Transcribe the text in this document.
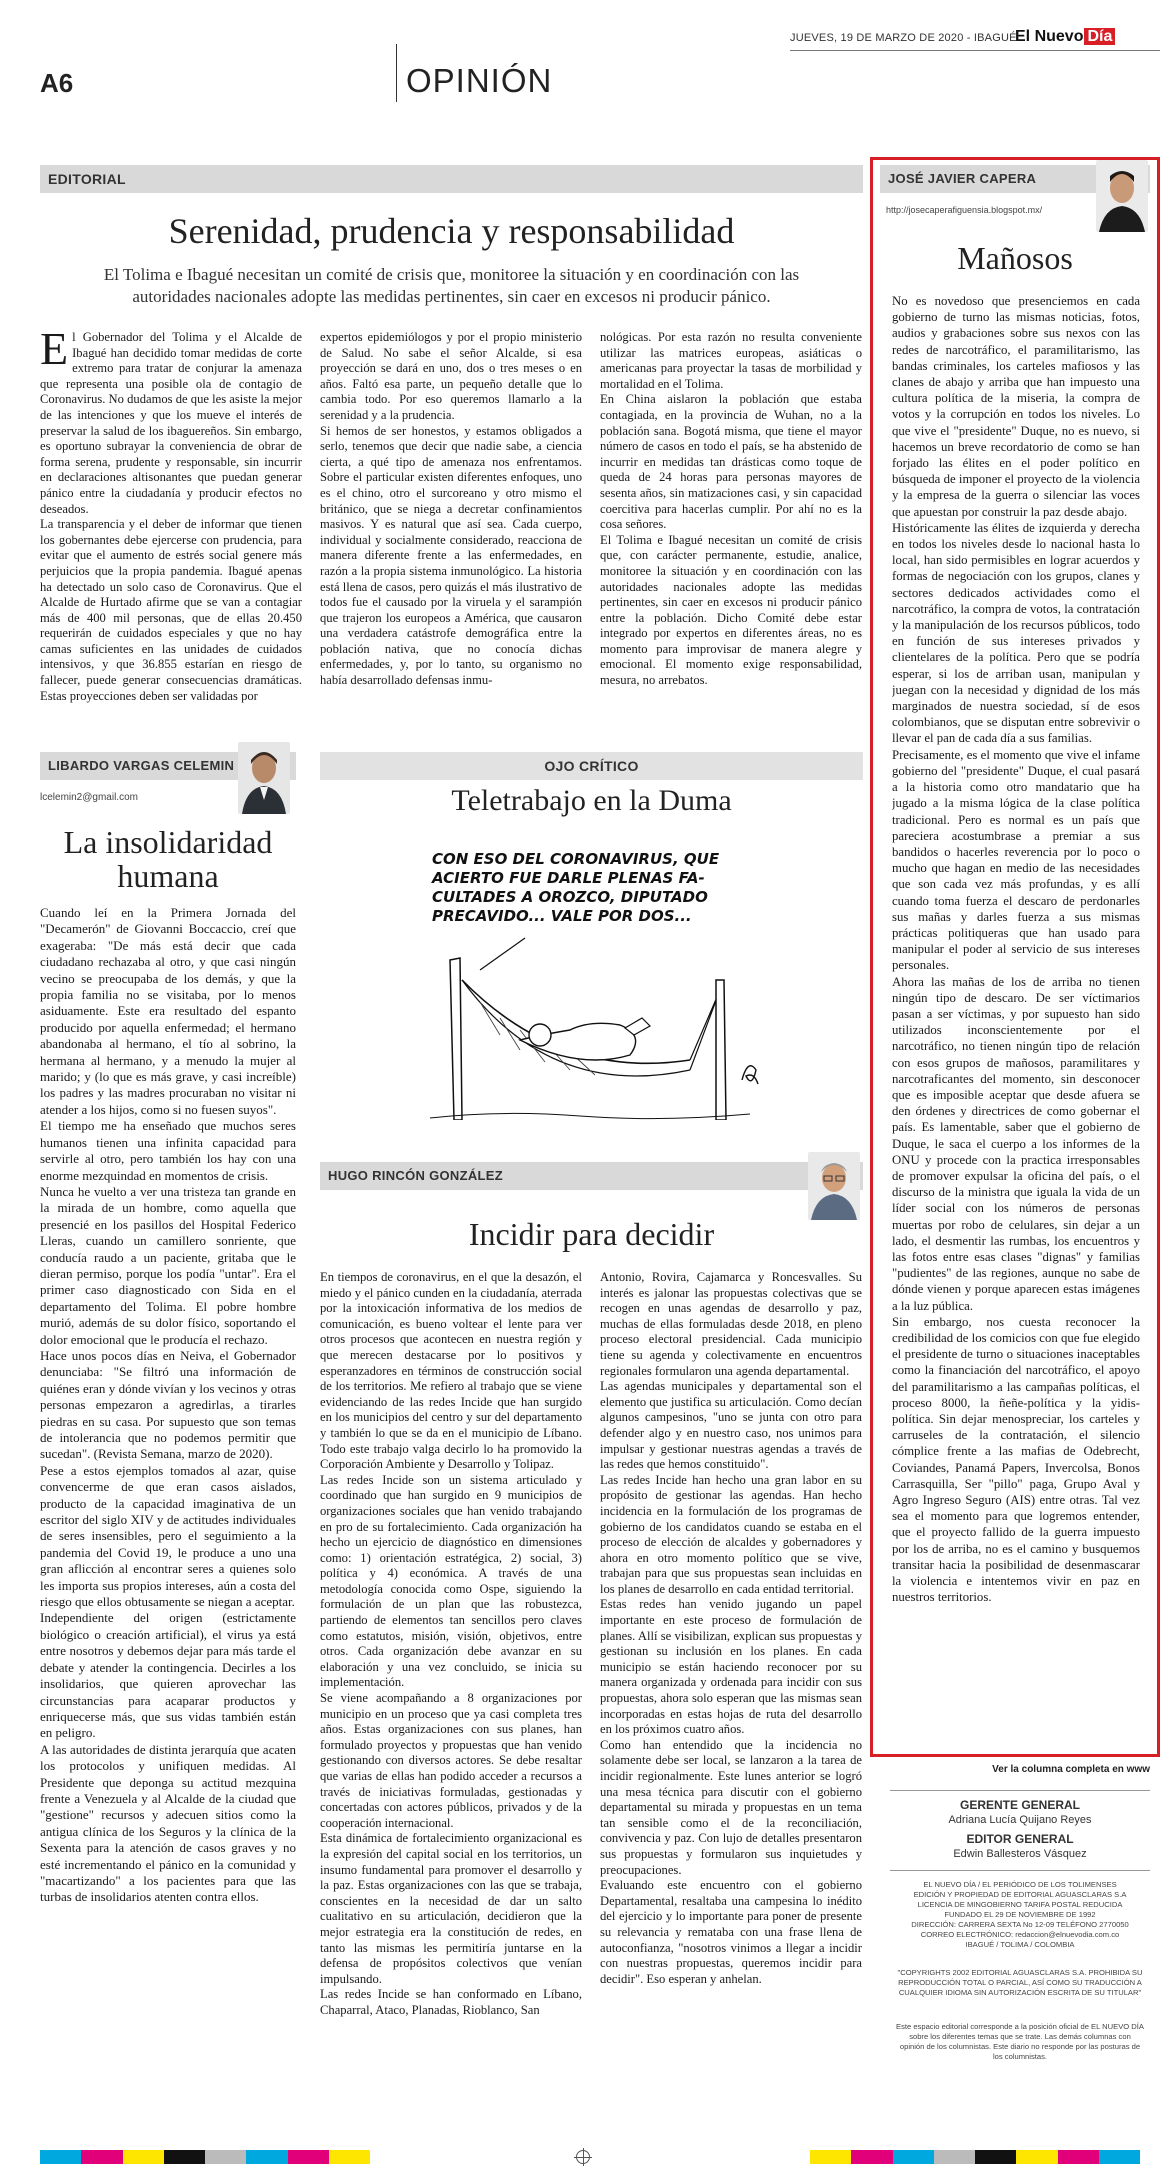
JUEVES, 19 DE MARZO DE 2020 - IBAGUÉ
El Nuevo Día
A6	OPINIÓN
EDITORIAL
Serenidad, prudencia y responsabilidad
El Tolima e Ibagué necesitan un comité de crisis que, monitoree la situación y en coordinación con las autoridades nacionales adopte las medidas pertinentes, sin caer en excesos ni producir pánico.
E l Gobernador del Tolima y el Alcalde de Ibagué han decidido tomar medidas de corte extremo para tratar de conjurar la amenaza que representa una posible ola de contagio de Coronavirus. No dudamos de que les asiste la mejor de las intenciones y que los mueve el interés de preservar la salud de los ibaguereños. Sin embargo, es oportuno subrayar la conveniencia de obrar de forma serena, prudente y responsable, sin incurrir en declaraciones altisonantes que puedan generar pánico entre la ciudadanía y producir efectos no deseados.
La transparencia y el deber de informar que tienen los gobernantes debe ejercerse con prudencia, para evitar que el aumento de estrés social genere más perjuicios que la propia pandemia. Ibagué apenas ha detectado un solo caso de Coronavirus. Que el Alcalde de Hurtado afirme que se van a contagiar más de 400 mil personas, que de ellas 20.450 requerirán de cuidados especiales y que no hay camas suficientes en las unidades de cuidados intensivos, y que 36.855 estarían en riesgo de fallecer, puede generar consecuencias dramáticas. Estas proyecciones deben ser validadas por
expertos epidemiólogos y por el propio ministerio de Salud. No sabe el señor Alcalde, si esa proyección se dará en uno, dos o tres meses o en años. Faltó esa parte, un pequeño detalle que lo cambia todo. Por eso queremos llamarlo a la serenidad y a la prudencia.
Si hemos de ser honestos, y estamos obligados a serlo, tenemos que decir que nadie sabe, a ciencia cierta, a qué tipo de amenaza nos enfrentamos. Sobre el particular existen diferentes enfoques, uno es el chino, otro el surcoreano y otro mismo el británico, que se niega a decretar confinamientos masivos. Y es natural que así sea. Cada cuerpo, individual y socialmente considerado, reacciona de manera diferente frente a las enfermedades, en razón a la propia sistema inmunológico. La historia está llena de casos, pero quizás el más ilustrativo de todos fue el causado por la viruela y el sarampión que trajeron los europeos a América, que causaron una verdadera catástrofe demográfica entre la población nativa, que no conocía dichas enfermedades, y, por lo tanto, su organismo no había desarrollado defensas inmu-
nológicas. Por esta razón no resulta conveniente utilizar las matrices europeas, asiáticas o americanas para proyectar la tasas de morbilidad y mortalidad en el Tolima.
En China aislaron la población que estaba contagiada, en la provincia de Wuhan, no a la población sana. Bogotá misma, que tiene el mayor número de casos en todo el país, se ha abstenido de incurrir en medidas tan drásticas como toque de queda de 24 horas para personas mayores de sesenta años, sin matizaciones casi, y sin capacidad coercitiva para hacerlas cumplir. Por ahí no es la cosa señores.
El Tolima e Ibagué necesitan un comité de crisis que, con carácter permanente, estudie, analice, monitoree la situación y en coordinación con las autoridades nacionales adopte las medidas pertinentes, sin caer en excesos ni producir pánico entre la población. Dicho Comité debe estar integrado por expertos en diferentes áreas, no es momento para improvisar de manera alegre y emocional. El momento exige responsabilidad, mesura, no arrebatos.
LIBARDO VARGAS CELEMIN
lcelemin2@gmail.com
La insolidaridad humana
Cuando leí en la Primera Jornada del "Decamerón" de Giovanni Boccaccio, creí que exageraba: "De más está decir que cada ciudadano rechazaba al otro, y que casi ningún vecino se preocupaba de los demás, y que la propia familia no se visitaba, por lo menos asiduamente. Este era resultado del espanto producido por aquella enfermedad; el hermano abandonaba al hermano, el tío al sobrino, la hermana al hermano, y a menudo la mujer al marido; y (lo que es más grave, y casi increíble) los padres y las madres procuraban no visitar ni atender a los hijos, como si no fuesen suyos".
El tiempo me ha enseñado que muchos seres humanos tienen una infinita capacidad para servirle al otro, pero también los hay con una enorme mezquindad en momentos de crisis.
Nunca he vuelto a ver una tristeza tan grande en la mirada de un hombre, como aquella que presencié en los pasillos del Hospital Federico Lleras, cuando un camillero sonriente, que conducía raudo a un paciente, gritaba que le dieran permiso, porque los podía "untar". Era el primer caso diagnosticado con Sida en el departamento del Tolima. El pobre hombre murió, además de su dolor físico, soportando el dolor emocional que le producía el rechazo.
Hace unos pocos días en Neiva, el Gobernador denunciaba: "Se filtró una información de quiénes eran y dónde vivían y los vecinos y otras personas empezaron a agredirlas, a tirarles piedras en su casa. Por supuesto que son temas de intolerancia que no podemos permitir que sucedan". (Revista Semana, marzo de 2020).
Pese a estos ejemplos tomados al azar, quise convencerme de que eran casos aislados, producto de la capacidad imaginativa de un escritor del siglo XIV y de actitudes individuales de seres insensibles, pero el seguimiento a la pandemia del Covid 19, le produce a uno una gran aflicción al encontrar seres a quienes solo les importa sus propios intereses, aún a costa del riesgo que ellos obtusamente se niegan a aceptar.
Independiente del origen (estrictamente biológico o creación artificial), el virus ya está entre nosotros y debemos dejar para más tarde el debate y atender la contingencia. Decirles a los insolidarios, que quieren aprovechar las circunstancias para acaparar productos y enriquecerse más, que sus vidas también están en peligro.
A las autoridades de distinta jerarquía que acaten los protocolos y unifiquen medidas. Al Presidente que deponga su actitud mezquina frente a Venezuela y al Alcalde de la ciudad que "gestione" recursos y adecuen sitios como la antigua clínica de los Seguros y la clínica de la Sexenta para la atención de casos graves y no esté incrementando el pánico en la comunidad y "macartizando" a los pacientes para que las turbas de insolidarios atenten contra ellos.
OJO CRÍTICO
Teletrabajo en la Duma
CON ESO DEL CORONAVIRUS, QUE ACIERTO FUE DARLE PLENAS FA- CULTADES A OROZCO, DIPUTADO PRECAVIDO... VALE POR DOS...
HUGO RINCÓN GONZÁLEZ
Incidir para decidir
En tiempos de coronavirus, en el que la desazón, el miedo y el pánico cunden en la ciudadanía, aterrada por la intoxicación informativa de los medios de comunicación, es bueno voltear el lente para ver otros procesos que acontecen en nuestra región y que merecen destacarse por lo positivos y esperanzadores en términos de construcción social de los territorios. Me refiero al trabajo que se viene evidenciando de las redes Incide que han surgido en los municipios del centro y sur del departamento y también lo que se da en el municipio de Líbano. Todo este trabajo valga decirlo lo ha promovido la Corporación Ambiente y Desarrollo y Tolipaz.
Las redes Incide son un sistema articulado y coordinado que han surgido en 9 municipios de organizaciones sociales que han venido trabajando en pro de su fortalecimiento. Cada organización ha hecho un ejercicio de diagnóstico en dimensiones como: 1) orientación estratégica, 2) social, 3) política y 4) económica. A través de una metodología conocida como Ospe, siguiendo la formulación de un plan que las robustezca, partiendo de elementos tan sencillos pero claves como estatutos, misión, visión, objetivos, entre otros. Cada organización debe avanzar en su elaboración y una vez concluido, se inicia su implementación.
Se viene acompañando a 8 organizaciones por municipio en un proceso que ya casi completa tres años. Estas organizaciones con sus planes, han formulado proyectos y propuestas que han venido gestionando con diversos actores. Se debe resaltar que varias de ellas han podido acceder a recursos a través de iniciativas formuladas, gestionadas y concertadas con actores públicos, privados y de la cooperación internacional.
Esta dinámica de fortalecimiento organizacional es la expresión del capital social en los territorios, un insumo fundamental para promover el desarrollo y la paz. Estas organizaciones con las que se trabaja, conscientes en la necesidad de dar un salto cualitativo en su articulación, decidieron que la mejor estrategia era la constitución de redes, en tanto las mismas les permitiría juntarse en la defensa de propósitos colectivos que venían impulsando.
Las redes Incide se han conformado en Líbano, Chaparral, Ataco, Planadas, Rioblanco, San
Antonio, Rovira, Cajamarca y Roncesvalles. Su interés es jalonar las propuestas colectivas que se recogen en unas agendas de desarrollo y paz, muchas de ellas formuladas desde 2018, en pleno proceso electoral presidencial. Cada municipio tiene su agenda y colectivamente en encuentros regionales formularon una agenda departamental.
Las agendas municipales y departamental son el elemento que justifica su articulación. Como decían algunos campesinos, "uno se junta con otro para defender algo y en nuestro caso, nos unimos para impulsar y gestionar nuestras agendas a través de las redes que hemos constituido".
Las redes Incide han hecho una gran labor en su propósito de gestionar las agendas. Han hecho incidencia en la formulación de los programas de gobierno de los candidatos cuando se estaba en el proceso de elección de alcaldes y gobernadores y ahora en otro momento político que se vive, trabajan para que sus propuestas sean incluidas en los planes de desarrollo en cada entidad territorial.
Estas redes han venido jugando un papel importante en este proceso de formulación de planes. Allí se visibilizan, explican sus propuestas y gestionan su inclusión en los planes. En cada municipio se están haciendo reconocer por su manera organizada y ordenada para incidir con sus propuestas, ahora solo esperan que las mismas sean incorporadas en estas hojas de ruta del desarrollo en los próximos cuatro años.
Como han entendido que la incidencia no solamente debe ser local, se lanzaron a la tarea de incidir regionalmente. Este lunes anterior se logró una mesa técnica para discutir con el gobierno departamental su mirada y propuestas en un tema tan sensible como el de la reconciliación, convivencia y paz. Con lujo de detalles presentaron sus propuestas y formularon sus inquietudes y preocupaciones.
Evaluando este encuentro con el gobierno Departamental, resaltaba una campesina lo inédito del ejercicio y lo importante para poner de presente su relevancia y remataba con una frase llena de autoconfianza, "nosotros vinimos a llegar a incidir con nuestras propuestas, queremos incidir para decidir". Eso esperan y anhelan.
JOSÉ JAVIER CAPERA
http://josecaperafiguensia.blogspot.mx/
Mañosos
No es novedoso que presenciemos en cada gobierno de turno las mismas noticias, fotos, audios y grabaciones sobre sus nexos con las redes de narcotráfico, el paramilitarismo, las bandas criminales, los carteles mafiosos y las clanes de abajo y arriba que han impuesto una cultura política de la miseria, la compra de votos y la corrupción en todos los niveles. Lo que vive el "presidente" Duque, no es nuevo, si hacemos un breve recordatorio de como se han forjado las élites en el poder político en búsqueda de imponer el proyecto de la violencia y la empresa de la guerra o silenciar las voces que apuestan por construir la paz desde abajo.
Históricamente las élites de izquierda y derecha en todos los niveles desde lo nacional hasta lo local, han sido permisibles en lograr acuerdos y formas de negociación con los grupos, clanes y sectores dedicados actividades como el narcotráfico, la compra de votos, la contratación y la manipulación de los recursos públicos, todo en función de sus intereses privados y clientelares de la política. Pero que se podría esperar, si los de arriban usan, manipulan y juegan con la necesidad y dignidad de los más marginados de nuestra sociedad, sí de esos colombianos, que se disputan entre sobrevivir o llevar el pan de cada día a sus familias.
Precisamente, es el momento que vive el infame gobierno del "presidente" Duque, el cual pasará a la historia como otro mandatario que ha jugado a la misma lógica de la clase política tradicional. Pero es normal es un país que pareciera acostumbrase a premiar a sus bandidos o hacerles reverencia por lo poco o mucho que hagan en medio de las necesidades que son cada vez más profundas, y es allí cuando toma fuerza el descaro de perdonarles sus mañas y darles fuerza a sus mismas prácticas politiqueras que han usado para manipular el poder al servicio de sus intereses personales.
Ahora las mañas de los de arriba no tienen ningún tipo de descaro. De ser víctimarios pasan a ser víctimas, y por supuesto han sido utilizados inconscientemente por el narcotráfico, no tienen ningún tipo de relación con esos grupos de mañosos, paramilitares y narcotraficantes del momento, sin desconocer que es imposible aceptar que desde afuera se den órdenes y directrices de como gobernar el país. Es lamentable, saber que el gobierno de Duque, le saca el cuerpo a los informes de la ONU y procede con la practica irresponsables de promover expulsar la oficina del país, o el discurso de la ministra que iguala la vida de un líder social con los números de personas muertas por robo de celulares, sin dejar a un lado, el desmentir las rumbas, los encuentros y las fotos entre esas clases "dignas" y familias "pudientes" de las regiones, aunque no sabe de dónde vienen y porque aparecen estas imágenes a la luz pública.
Sin embargo, nos cuesta reconocer la credibilidad de los comicios con que fue elegido el presidente de turno o situaciones inaceptables como la financiación del narcotráfico, el apoyo del paramilitarismo a las campañas políticas, el proceso 8000, la ñeñe-política y la yidis-política. Sin dejar menospreciar, los carteles y carruseles de la contratación, el silencio cómplice frente a las mafias de Odebrecht, Coviandes, Panamá Papers, Invercolsa, Bonos Carrasquilla, Ser "pillo" paga, Grupo Aval y Agro Ingreso Seguro (AIS) entre otras. Tal vez sea el momento para que logremos entender, que el proyecto fallido de la guerra impuesto por los de arriba, no es el camino y busquemos transitar hacia la posibilidad de desenmascarar la violencia e intentemos vivir en paz en nuestros territorios.
Ver la columna completa en www
GERENTE GENERAL
Adriana Lucía Quijano Reyes
EDITOR GENERAL
Edwin Ballesteros Vásquez
EL NUEVO DÍA / EL PERIÓDICO DE LOS TOLIMENSES
EDICIÓN Y PROPIEDAD DE EDITORIAL AGUASCLARAS S.A
LICENCIA DE MINGOBIERNO TARIFA POSTAL REDUCIDA
FUNDADO EL 29 DE NOVIEMBRE DE 1992
DIRECCIÓN: CARRERA SEXTA No 12-09 TELÉFONO 2770050
CORREO ELECTRÓNICO: redaccion@elnuevodia.com.co
IBAGUÉ / TOLIMA / COLOMBIA
"COPYRIGHTS 2002 EDITORIAL AGUASCLARAS S.A. PROHIBIDA SU REPRODUCCIÓN TOTAL O PARCIAL, ASÍ COMO SU TRADUCCIÓN A CUALQUIER IDIOMA SIN AUTORIZACIÓN ESCRITA DE SU TITULAR"
Este espacio editorial corresponde a la posición oficial de EL NUEVO DÍA sobre los diferentes temas que se trate. Las demás columnas con opinión de los columnistas. Este diario no responde por las posturas de los columnistas.
